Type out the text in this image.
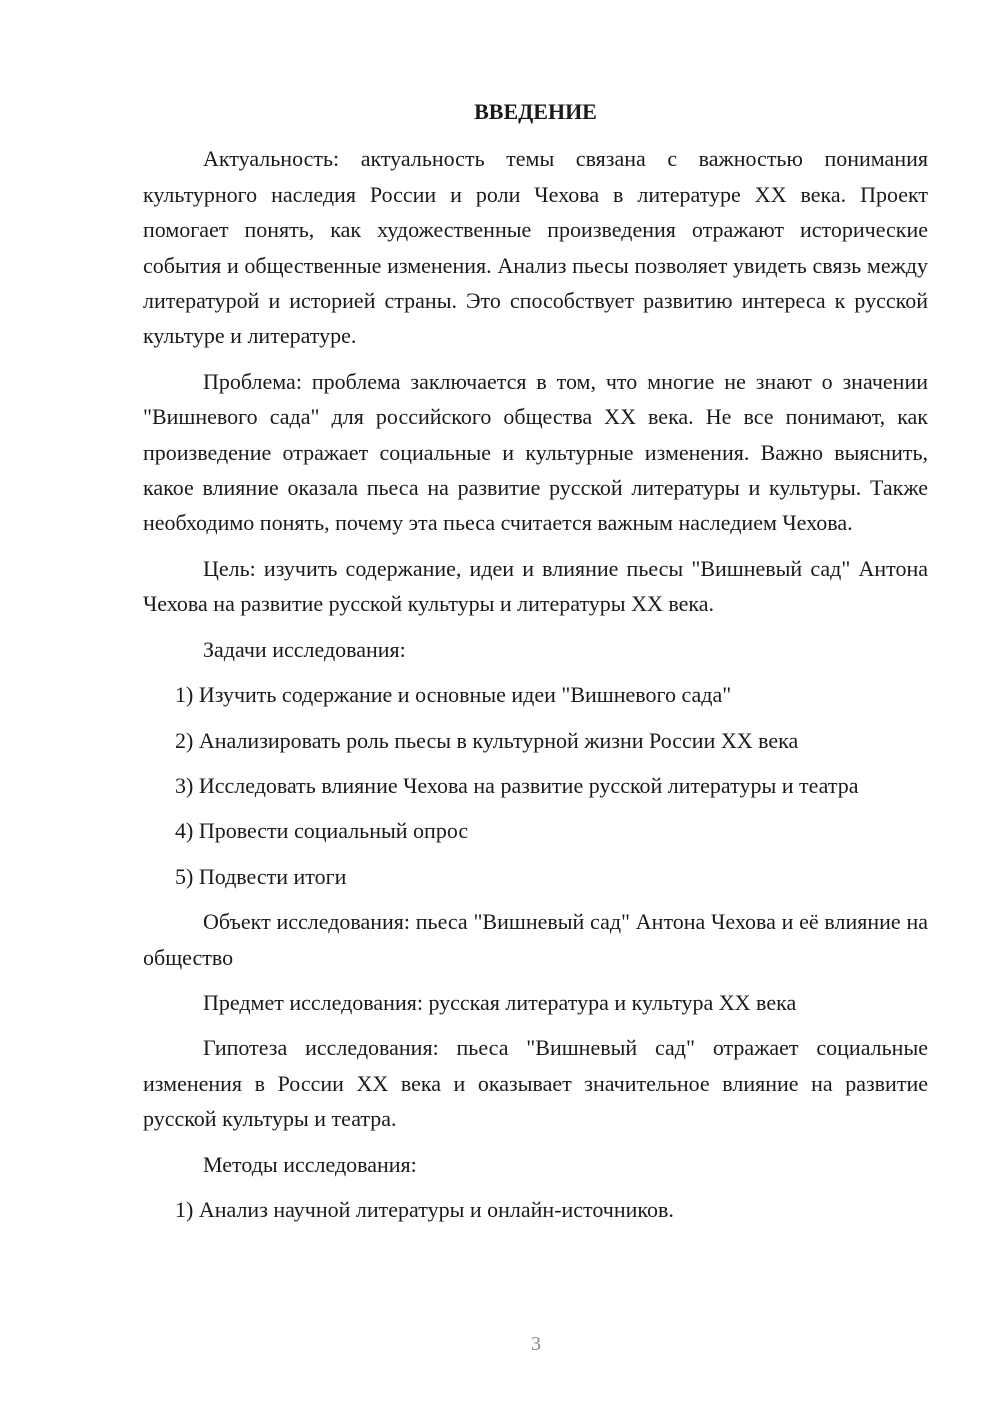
ВВЕДЕНИЕ

Актуальность: актуальность темы связана с важностью понимания культурного наследия России и роли Чехова в литературе XX века. Проект помогает понять, как художественные произведения отражают исторические события и общественные изменения. Анализ пьесы позволяет увидеть связь между литературой и историей страны. Это способствует развитию интереса к русской культуре и литературе.

Проблема: проблема заключается в том, что многие не знают о значении "Вишневого сада" для российского общества XX века. Не все понимают, как произведение отражает социальные и культурные изменения. Важно выяснить, какое влияние оказала пьеса на развитие русской литературы и культуры. Также необходимо понять, почему эта пьеса считается важным наследием Чехова.

Цель: изучить содержание, идеи и влияние пьесы "Вишневый сад" Антона Чехова на развитие русской культуры и литературы XX века.

Задачи исследования:

1) Изучить содержание и основные идеи "Вишневого сада"

2) Анализировать роль пьесы в культурной жизни России XX века

3) Исследовать влияние Чехова на развитие русской литературы и театра

4) Провести социальный опрос

5) Подвести итоги

Объект исследования: пьеса "Вишневый сад" Антона Чехова и её влияние на общество

Предмет исследования: русская литература и культура XX века

Гипотеза исследования: пьеса "Вишневый сад" отражает социальные изменения в России XX века и оказывает значительное влияние на развитие русской культуры и театра.

Методы исследования:

1) Анализ научной литературы и онлайн-источников.

3
